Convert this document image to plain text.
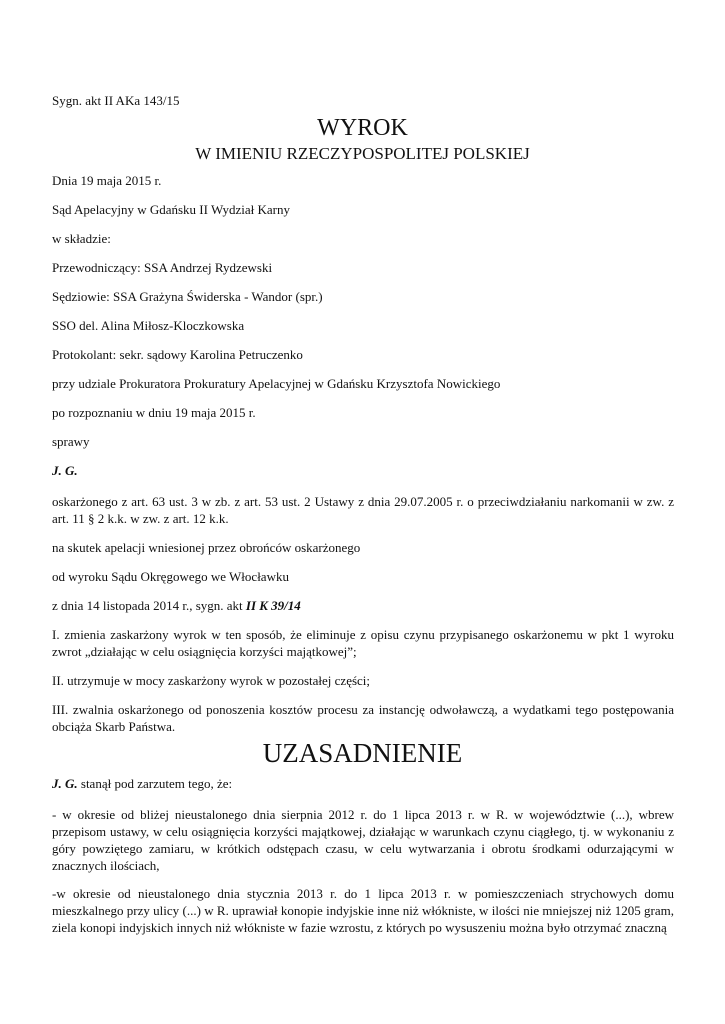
Sygn. akt II AKa 143/15

WYROK
W IMIENIU RZECZYPOSPOLITEJ POLSKIEJ

Dnia 19 maja 2015 r.

Sąd Apelacyjny w Gdańsku II Wydział Karny

w składzie:

Przewodniczący: SSA Andrzej Rydzewski

Sędziowie: SSA Grażyna Świderska - Wandor (spr.)

SSO del. Alina Miłosz-Kloczkowska

Protokolant: sekr. sądowy Karolina Petruczenko

przy udziale Prokuratora Prokuratury Apelacyjnej w Gdańsku Krzysztofa Nowickiego

po rozpoznaniu w dniu 19 maja 2015 r.

sprawy

J. G.

oskarżonego z art. 63 ust. 3 w zb. z art. 53 ust. 2 Ustawy z dnia 29.07.2005 r. o przeciwdziałaniu narkomanii w zw. z art. 11 § 2 k.k. w zw. z art. 12 k.k.

na skutek apelacji wniesionej przez obrońców oskarżonego

od wyroku Sądu Okręgowego we Włocławku

z dnia 14 listopada 2014 r., sygn. akt II K 39/14

I. zmienia zaskarżony wyrok w ten sposób, że eliminuje z opisu czynu przypisanego oskarżonemu w pkt 1 wyroku zwrot „działając w celu osiągnięcia korzyści majątkowej”;

II. utrzymuje w mocy zaskarżony wyrok w pozostałej części;

III. zwalnia oskarżonego od ponoszenia kosztów procesu za instancję odwoławczą, a wydatkami tego postępowania obciąża Skarb Państwa.

UZASADNIENIE

J. G. stanął pod zarzutem tego, że:

- w okresie od bliżej nieustalonego dnia sierpnia 2012 r. do 1 lipca 2013 r. w R. w województwie (...), wbrew przepisom ustawy, w celu osiągnięcia korzyści majątkowej, działając w warunkach czynu ciągłego, tj. w wykonaniu z góry powziętego zamiaru, w krótkich odstępach czasu, w celu wytwarzania i obrotu środkami odurzającymi w znacznych ilościach,

-w okresie od nieustalonego dnia stycznia 2013 r. do 1 lipca 2013 r. w pomieszczeniach strychowych domu mieszkalnego przy ulicy (...) w R. uprawiał konopie indyjskie inne niż włókniste, w ilości nie mniejszej niż 1205 gram, ziela konopi indyjskich innych niż włókniste w fazie wzrostu, z których po wysuszeniu można było otrzymać znaczną
